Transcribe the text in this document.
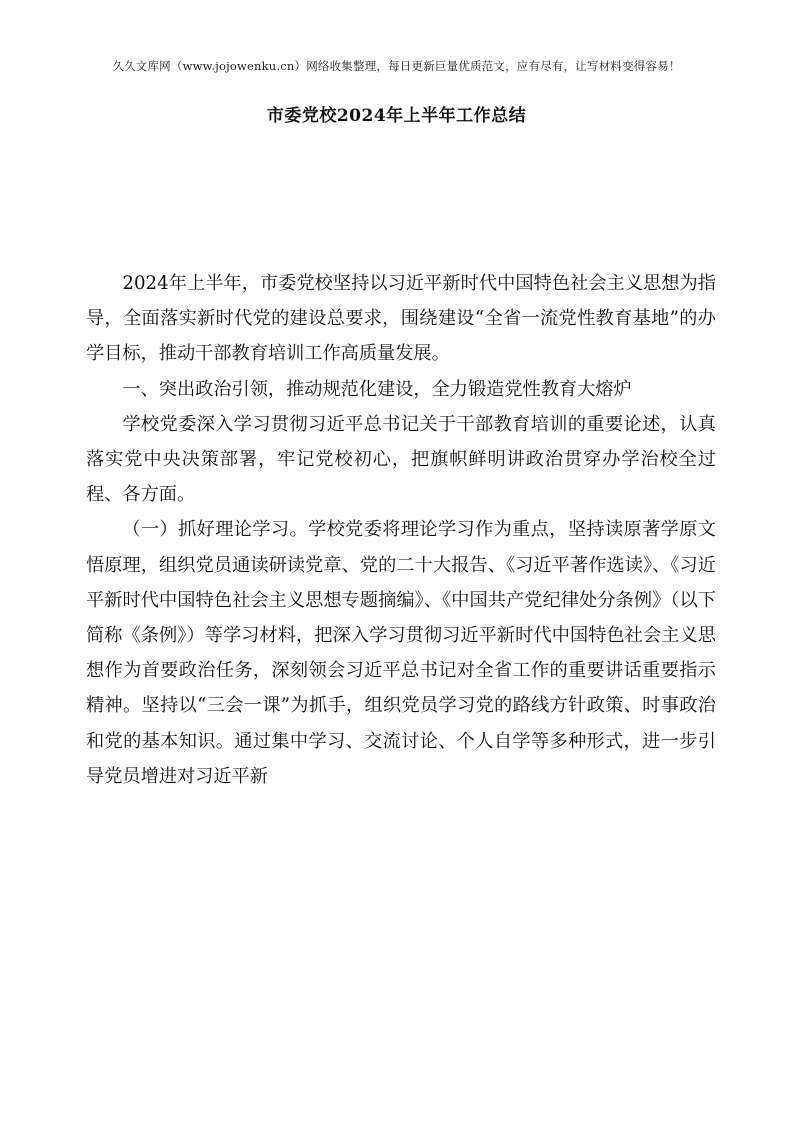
久久文库网（www.jojowenku.cn）网络收集整理，每日更新巨量优质范文，应有尽有，让写材料变得容易！
市委党校2024年上半年工作总结

2024年上半年，市委党校坚持以习近平新时代中国特色社会主义思想为指导，全面落实新时代党的建设总要求，围绕建设“全省一流党性教育基地”的办学目标，推动干部教育培训工作高质量发展。

一、突出政治引领，推动规范化建设，全力锻造党性教育大熔炉

学校党委深入学习贯彻习近平总书记关于干部教育培训的重要论述，认真落实党中央决策部署，牢记党校初心，把旗帜鲜明讲政治贯穿办学治校全过程、各方面。

（一）抓好理论学习。学校党委将理论学习作为重点，坚持读原著学原文悟原理，组织党员通读研读党章、党的二十大报告、《习近平著作选读》、《习近平新时代中国特色社会主义思想专题摘编》、《中国共产党纪律处分条例》（以下简称《条例》）等学习材料，把深入学习贯彻习近平新时代中国特色社会主义思想作为首要政治任务，深刻领会习近平总书记对全省工作的重要讲话重要指示精神。坚持以“三会一课”为抓手，组织党员学习党的路线方针政策、时事政治和党的基本知识。通过集中学习、交流讨论、个人自学等多种形式，进一步引导党员增进对习近平新
